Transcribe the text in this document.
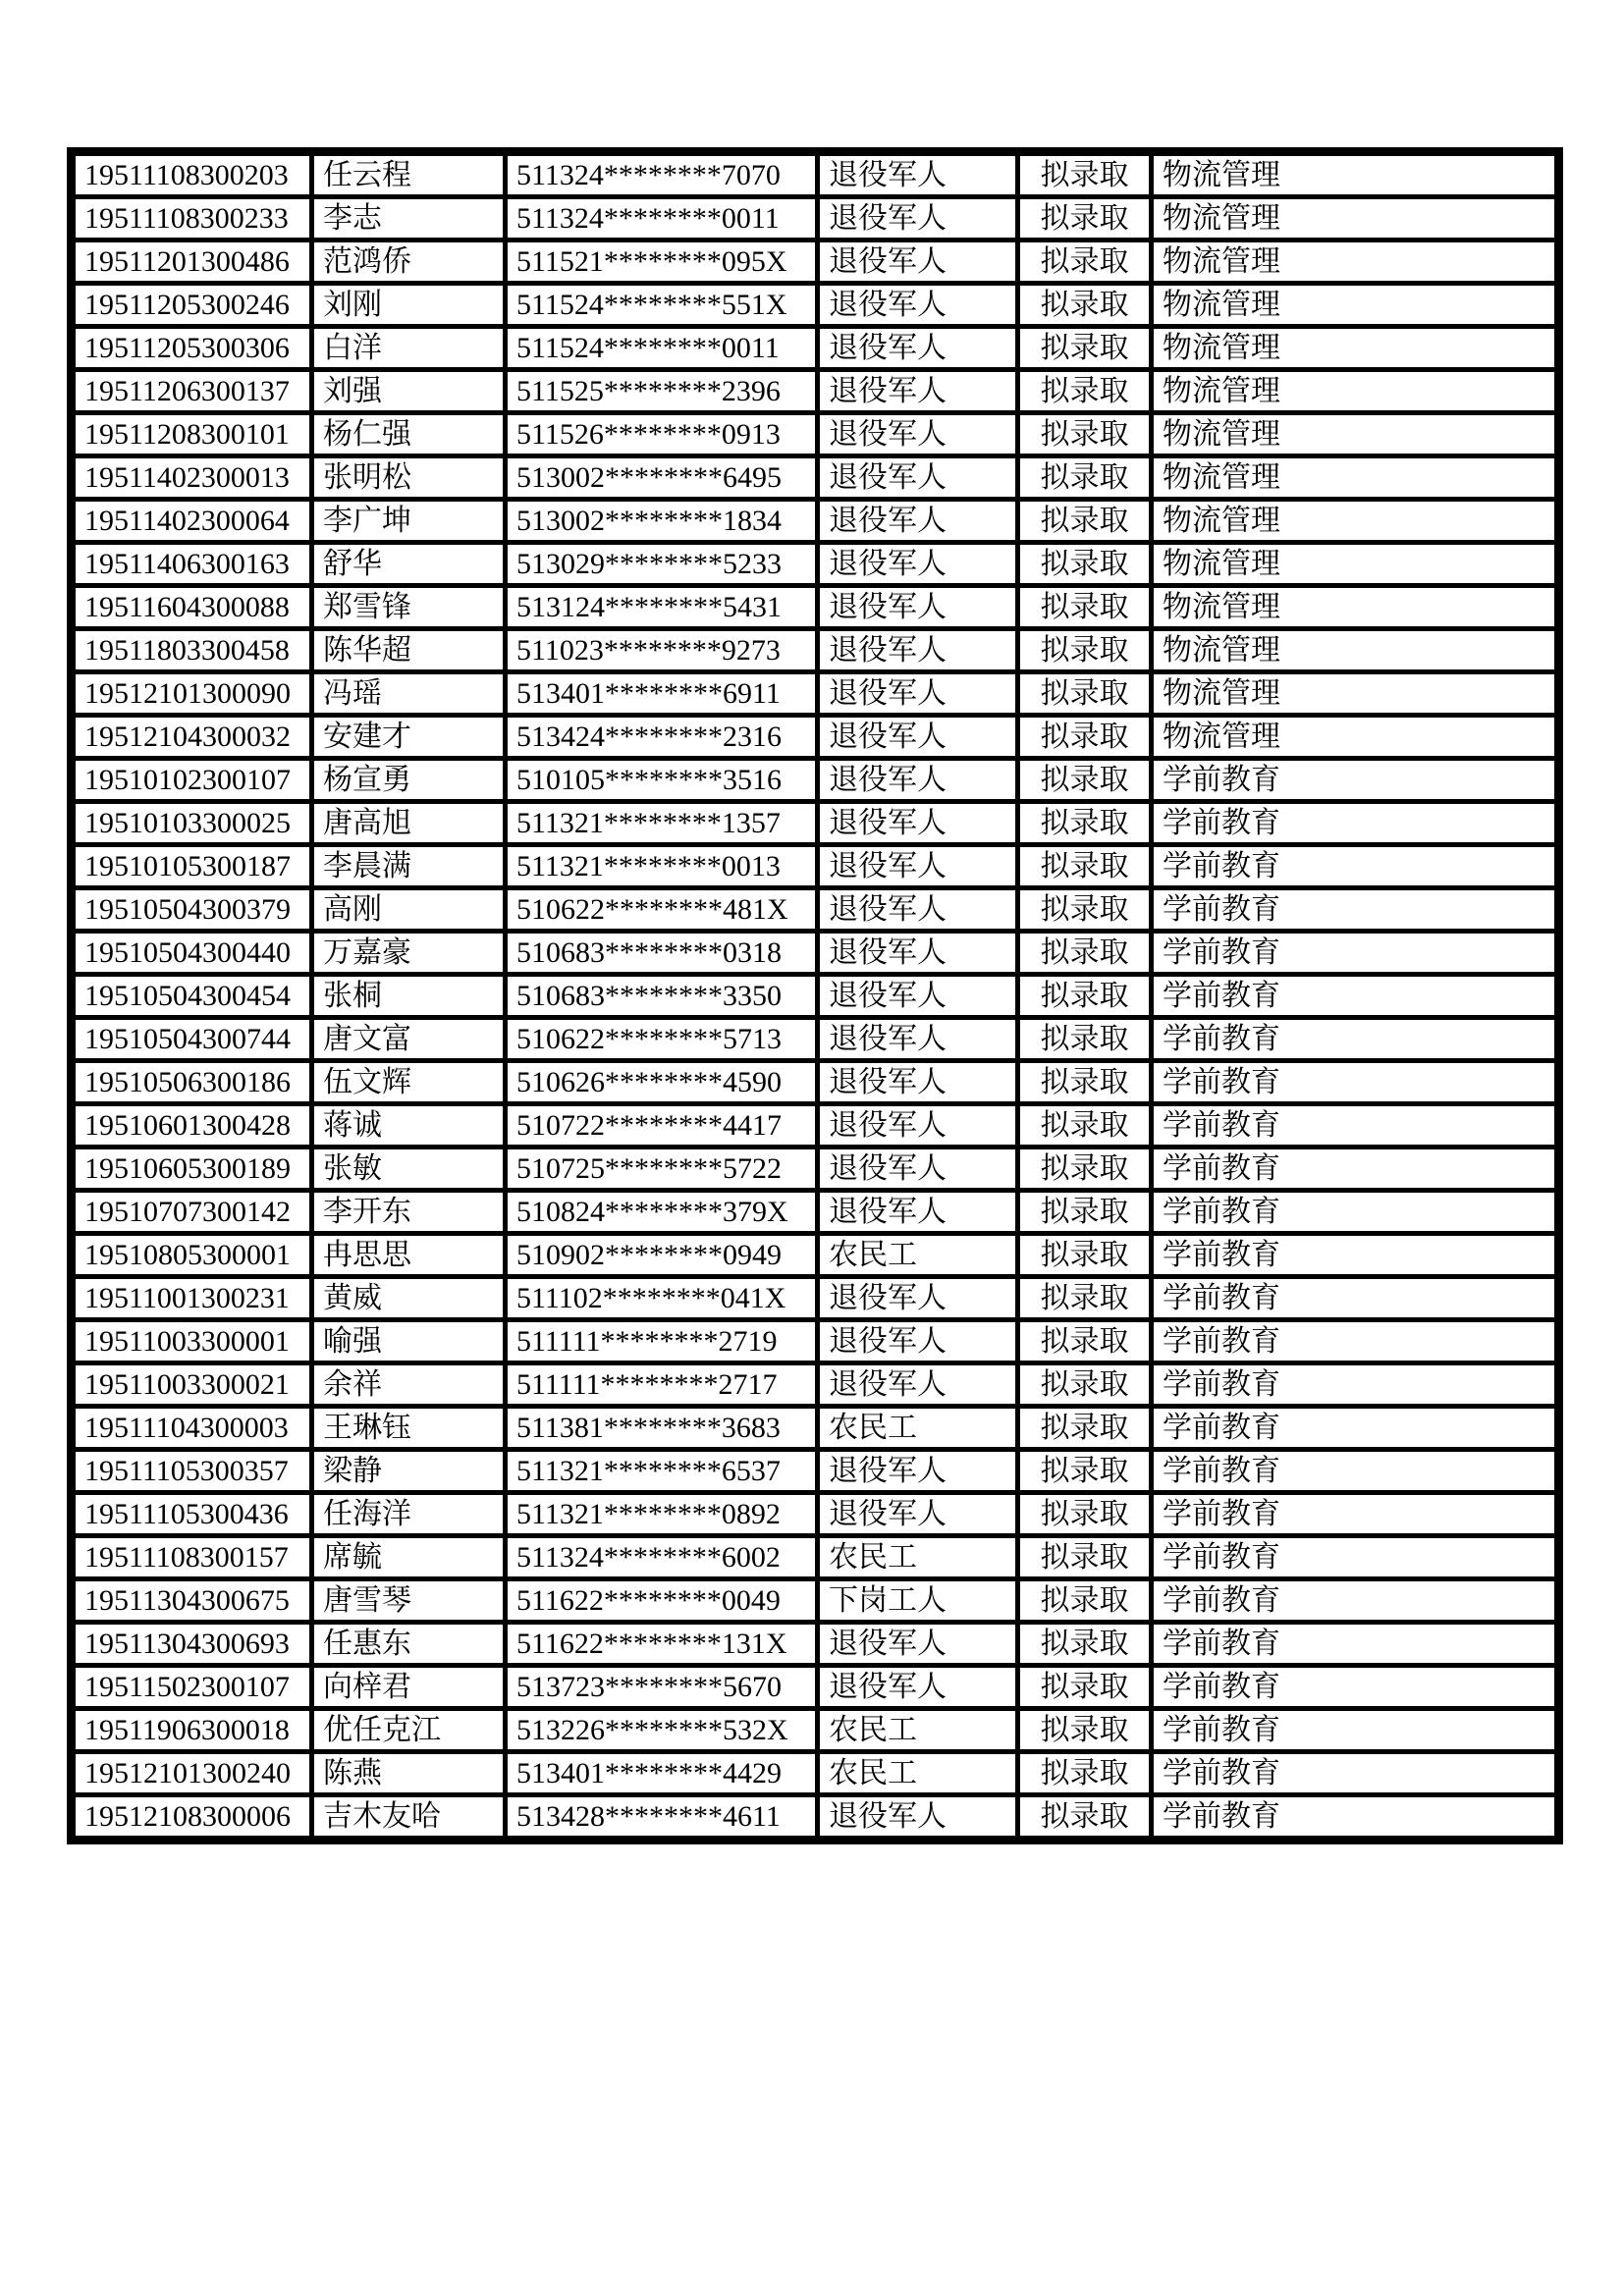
19511108300203	任云程	511324********7070	退役军人	拟录取	物流管理
19511108300233	李志	511324********0011	退役军人	拟录取	物流管理
19511201300486	范鸿侨	511521********095X	退役军人	拟录取	物流管理
19511205300246	刘刚	511524********551X	退役军人	拟录取	物流管理
19511205300306	白洋	511524********0011	退役军人	拟录取	物流管理
19511206300137	刘强	511525********2396	退役军人	拟录取	物流管理
19511208300101	杨仁强	511526********0913	退役军人	拟录取	物流管理
19511402300013	张明松	513002********6495	退役军人	拟录取	物流管理
19511402300064	李广坤	513002********1834	退役军人	拟录取	物流管理
19511406300163	舒华	513029********5233	退役军人	拟录取	物流管理
19511604300088	郑雪锋	513124********5431	退役军人	拟录取	物流管理
19511803300458	陈华超	511023********9273	退役军人	拟录取	物流管理
19512101300090	冯瑶	513401********6911	退役军人	拟录取	物流管理
19512104300032	安建才	513424********2316	退役军人	拟录取	物流管理
19510102300107	杨宣勇	510105********3516	退役军人	拟录取	学前教育
19510103300025	唐高旭	511321********1357	退役军人	拟录取	学前教育
19510105300187	李晨满	511321********0013	退役军人	拟录取	学前教育
19510504300379	高刚	510622********481X	退役军人	拟录取	学前教育
19510504300440	万嘉豪	510683********0318	退役军人	拟录取	学前教育
19510504300454	张桐	510683********3350	退役军人	拟录取	学前教育
19510504300744	唐文富	510622********5713	退役军人	拟录取	学前教育
19510506300186	伍文辉	510626********4590	退役军人	拟录取	学前教育
19510601300428	蒋诚	510722********4417	退役军人	拟录取	学前教育
19510605300189	张敏	510725********5722	退役军人	拟录取	学前教育
19510707300142	李开东	510824********379X	退役军人	拟录取	学前教育
19510805300001	冉思思	510902********0949	农民工	拟录取	学前教育
19511001300231	黄威	511102********041X	退役军人	拟录取	学前教育
19511003300001	喻强	511111********2719	退役军人	拟录取	学前教育
19511003300021	余祥	511111********2717	退役军人	拟录取	学前教育
19511104300003	王琳钰	511381********3683	农民工	拟录取	学前教育
19511105300357	梁静	511321********6537	退役军人	拟录取	学前教育
19511105300436	任海洋	511321********0892	退役军人	拟录取	学前教育
19511108300157	席毓	511324********6002	农民工	拟录取	学前教育
19511304300675	唐雪琴	511622********0049	下岗工人	拟录取	学前教育
19511304300693	任惠东	511622********131X	退役军人	拟录取	学前教育
19511502300107	向梓君	513723********5670	退役军人	拟录取	学前教育
19511906300018	优任克江	513226********532X	农民工	拟录取	学前教育
19512101300240	陈燕	513401********4429	农民工	拟录取	学前教育
19512108300006	吉木友哈	513428********4611	退役军人	拟录取	学前教育
